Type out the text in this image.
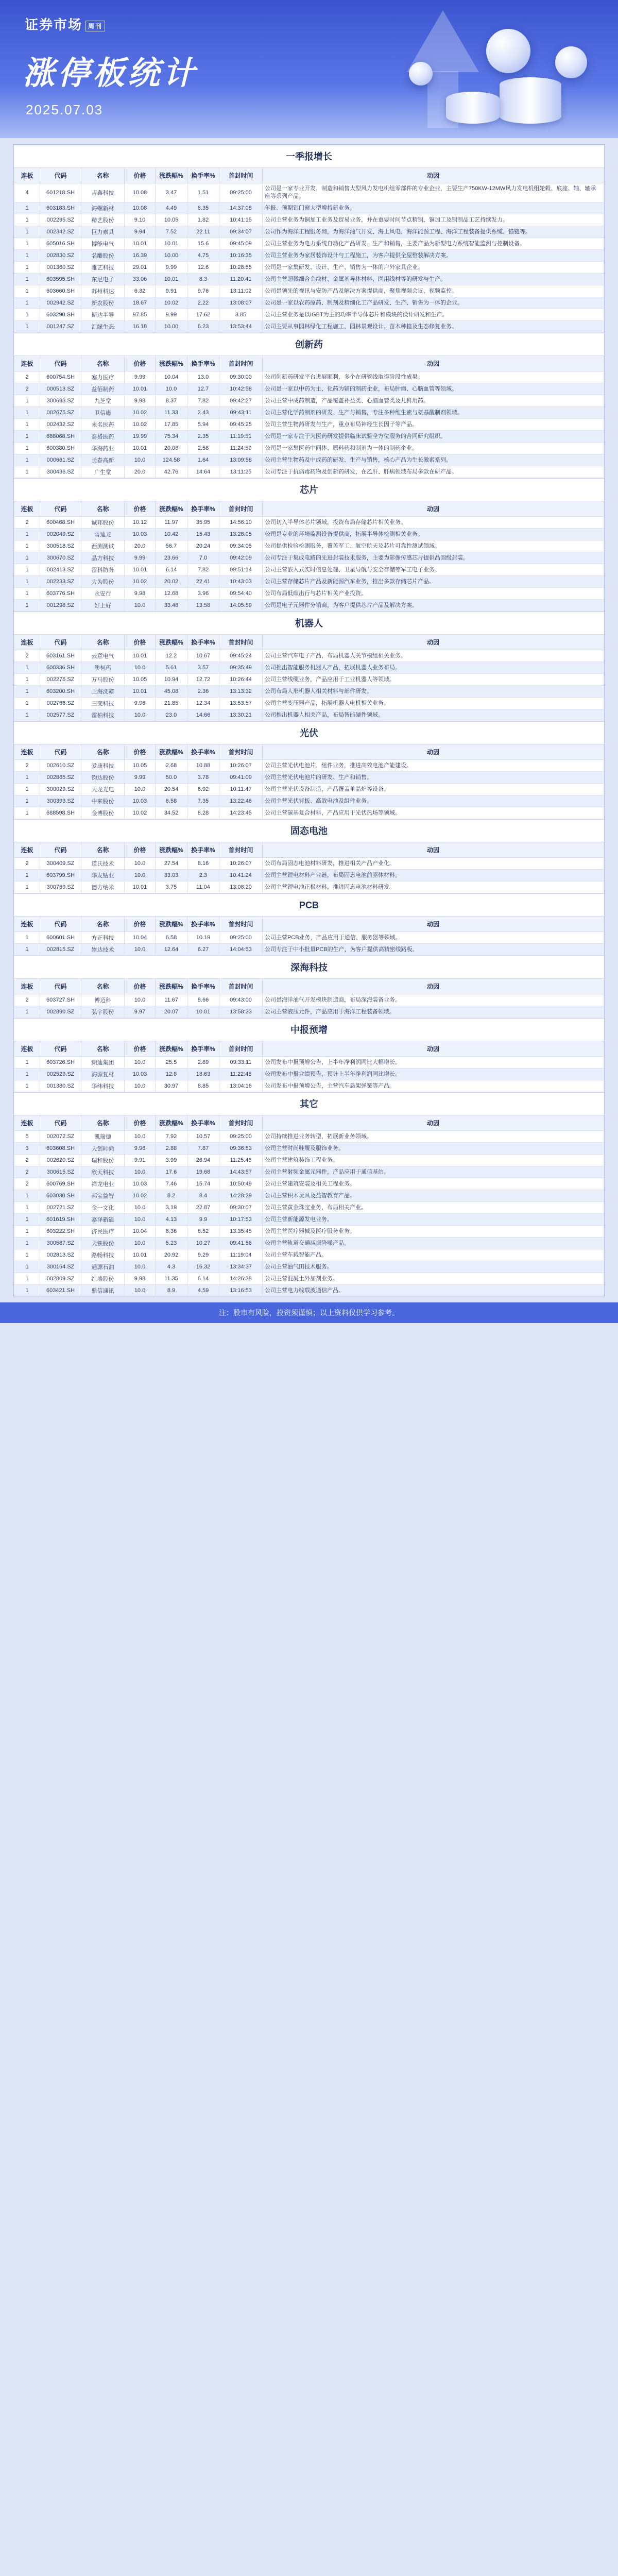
证券市场 周刊
涨停板统计
2025.07.03
一季报增长
连板	代码	名称	价格	涨跌幅%	换手率%	首封时间	动因
4	601218.SH	吉鑫科技	10.08	3.47	1.51	09:25:00	公司是一家专业开发、制造和销售大型风力发电机组零部件的专业企业，主要生产750KW-12MW风力发电机组轮毂、底座、轴、轴承座等系列产品。
1	603183.SH	海螺新材	10.08	4.49	8.35	14:37:08	年报、预期铝门窗大型增持新业务。
1	002295.SZ	精艺股份	9.10	10.05	1.82	10:41:15	公司主营业务为铜加工业务及贸易业务，并在重要时间节点精铜、铜加工及铜制品工艺持续发力。
1	002342.SZ	巨力索具	9.94	7.52	22.11	09:34:07	公司作为海洋工程服务商，为海洋油气开发、海上风电、海洋能源工程、海洋工程装备提供系缆、锚链等。
1	605016.SH	博能电气	10.01	10.01	15.6	09:45:09	公司主营业务为电力系统自动化产品研发、生产和销售，主要产品为新型电力系统智能监测与控制设备。
1	002830.SZ	名雕股份	16.39	10.00	4.75	10:16:35	公司主营业务为家居装饰设计与工程施工，为客户提供全屋整装解决方案。
1	001360.SZ	雅艺科技	29.01	9.99	12.6	10:28:55	公司是一家集研发、设计、生产、销售为一体的户外家具企业。
1	603595.SH	东尼电子	33.06	10.01	8.3	11:20:41	公司主营超微细合金线材、金属基导体材料、医用线材等的研发与生产。
1	603660.SH	苏州科达	6.32	9.91	9.76	13:11:02	公司是领先的视讯与安防产品及解决方案提供商，聚焦视频会议、视频监控。
1	002942.SZ	新农股份	18.67	10.02	2.22	13:08:07	公司是一家以农药原药、制剂及精细化工产品研发、生产、销售为一体的企业。
1	603290.SH	斯达半导	97.85	9.99	17.62	3.85	公司主营业务是以IGBT为主的功率半导体芯片和模块的设计研发和生产。
1	001247.SZ	汇绿生态	16.18	10.00	6.23	13:53:44	公司主要从事园林绿化工程施工、园林景观设计、苗木种植及生态修复业务。
创新药
连板	代码	名称	价格	涨跌幅%	换手率%	首封时间	动因
2	600754.SH	塞力医疗	9.99	10.04	13.0	09:30:00	公司创新药研发平台进展顺利，多个在研管线取得阶段性成果。
2	000513.SZ	益佰制药	10.01	10.0	12.7	10:42:58	公司是一家以中药为主、化药为辅的制药企业，布局肿瘤、心脑血管等领域。
1	300683.SZ	九芝堂	9.98	8.37	7.82	09:42:27	公司主营中成药制造，产品覆盖补益类、心脑血管类及儿科用药。
1	002675.SZ	卫信康	10.02	11.33	2.43	09:43:11	公司主营化学药制剂的研发、生产与销售，专注多种维生素与氨基酸制剂领域。
1	002432.SZ	未名医药	10.02	17.85	5.94	09:45:25	公司主营生物药研发与生产，重点布局神经生长因子等产品。
1	688068.SH	泰格医药	19.99	75.34	2.35	11:19:51	公司是一家专注于为医药研发提供临床试验全方位服务的合同研究组织。
1	600380.SH	华海药业	10.01	20.06	2.58	11:24:59	公司是一家集医药中间体、原料药和制剂为一体的制药企业。
1	000661.SZ	长春高新	10.0	124.58	1.64	13:09:58	公司主营生物药及中成药的研发、生产与销售，核心产品为生长激素系列。
1	300436.SZ	广生堂	20.0	42.76	14.64	13:11:25	公司专注于抗病毒药物及创新药研发，在乙肝、肝病领域布局多款在研产品。
芯片
连板	代码	名称	价格	涨跌幅%	换手率%	首封时间	动因
2	600468.SH	诚邦股份	10.12	11.97	35.95	14:56:10	公司切入半导体芯片领域，投资布局存储芯片相关业务。
1	002049.SZ	雪迪龙	10.03	10.42	15.43	13:28:05	公司是专业的环境监测设备提供商，拓展半导体检测相关业务。
1	300518.SZ	西测测试	20.0	56.7	20.24	09:34:05	公司提供检验检测服务，覆盖军工、航空航天及芯片可靠性测试领域。
1	300670.SZ	晶方科技	9.99	23.66	7.0	09:42:09	公司专注于集成电路的先进封装技术服务，主要为影像传感芯片提供晶圆级封装。
1	002413.SZ	雷科防务	10.01	6.14	7.82	09:51:14	公司主营嵌入式实时信息处理、卫星导航与安全存储等军工电子业务。
1	002233.SZ	大为股份	10.02	20.02	22.41	10:43:03	公司主营存储芯片产品及新能源汽车业务，推出多款存储芯片产品。
1	603776.SH	永安行	9.98	12.68	3.96	09:54:40	公司布局低碳出行与芯片相关产业投资。
1	001298.SZ	好上好	10.0	33.48	13.58	14:05:59	公司是电子元器件分销商，为客户提供芯片产品及解决方案。
机器人
连板	代码	名称	价格	涨跌幅%	换手率%	首封时间	动因
2	603161.SH	云意电气	10.01	12.2	10.67	09:45:24	公司主营汽车电子产品，布局机器人关节模组相关业务。
1	600336.SH	澳柯玛	10.0	5.61	3.57	09:35:49	公司推出智能服务机器人产品，拓展机器人业务布局。
1	002276.SZ	万马股份	10.05	10.94	12.72	10:26:44	公司主营线缆业务，产品应用于工业机器人等领域。
1	603200.SH	上海洗霸	10.01	45.08	2.36	13:13:32	公司布局人形机器人相关材料与部件研发。
1	002766.SZ	三变科技	9.96	21.85	12.34	13:53:57	公司主营变压器产品，拓展机器人电机相关业务。
1	002577.SZ	雷柏科技	10.0	23.0	14.66	13:30:21	公司推出机器人相关产品，布局智能硬件领域。
光伏
连板	代码	名称	价格	涨跌幅%	换手率%	首封时间	动因
2	002610.SZ	爱康科技	10.05	2.68	10.88	10:26:07	公司主营光伏电池片、组件业务，推进高效电池产能建设。
1	002865.SZ	钧达股份	9.99	50.0	3.78	09:41:09	公司主营光伏电池片的研发、生产和销售。
1	300029.SZ	天龙光电	10.0	20.54	6.92	10:11:47	公司主营光伏设备制造，产品覆盖单晶炉等设备。
1	300393.SZ	中来股份	10.03	6.58	7.35	13:22:46	公司主营光伏背板、高效电池及组件业务。
1	688598.SH	金博股份	10.02	34.52	8.28	14:23:45	公司主营碳基复合材料，产品应用于光伏热场等领域。
固态电池
连板	代码	名称	价格	涨跌幅%	换手率%	首封时间	动因
2	300409.SZ	道氏技术	10.0	27.54	8.16	10:26:07	公司布局固态电池材料研发，推进相关产品产业化。
1	603799.SH	华友钴业	10.0	33.03	2.3	10:41:24	公司主营锂电材料产业链，布局固态电池前驱体材料。
1	300769.SZ	德方纳米	10.01	3.75	11.04	13:08:20	公司主营锂电池正极材料，推进固态电池材料研发。
PCB
连板	代码	名称	价格	涨跌幅%	换手率%	首封时间	动因
1	600601.SH	方正科技	10.04	6.58	10.19	09:25:00	公司主营PCB业务，产品应用于通信、服务器等领域。
1	002815.SZ	崇达技术	10.0	12.64	6.27	14:04:53	公司专注于中小批量PCB的生产，为客户提供高精密线路板。
深海科技
连板	代码	名称	价格	涨跌幅%	换手率%	首封时间	动因
2	603727.SH	博迈科	10.0	11.67	8.66	09:43:00	公司是海洋油气开发模块制造商，布局深海装备业务。
1	002890.SZ	弘宇股份	9.97	20.07	10.01	13:58:33	公司主营液压元件，产品应用于海洋工程装备领域。
中报预增
连板	代码	名称	价格	涨跌幅%	换手率%	首封时间	动因
1	603726.SH	朗迪集团	10.0	25.5	2.89	09:33:11	公司发布中报预增公告，上半年净利润同比大幅增长。
1	002529.SZ	海源复材	10.03	12.8	18.63	11:22:48	公司发布中报业绩预告，预计上半年净利润同比增长。
1	001380.SZ	华纬科技	10.0	30.97	8.85	13:04:16	公司发布中报预增公告，主营汽车悬架弹簧等产品。
其它
连板	代码	名称	价格	涨跌幅%	换手率%	首封时间	动因
5	002072.SZ	凯瑞德	10.0	7.92	10.57	09:25:00	公司持续推进业务转型，拓展新业务领域。
3	603608.SH	天创时尚	9.96	2.88	7.87	09:36:53	公司主营时尚鞋履及服饰业务。
2	002620.SZ	瑞和股份	9.91	3.99	26.94	11:25:46	公司主营建筑装饰工程业务。
2	300615.SZ	欣天科技	10.0	17.6	19.68	14:43:57	公司主营射频金属元器件，产品应用于通信基站。
2	600769.SH	祥龙电业	10.03	7.46	15.74	10:50:49	公司主营建筑安装及相关工程业务。
1	603030.SH	邦宝益智	10.02	8.2	8.4	14:28:29	公司主营积木玩具及益智教育产品。
1	002721.SZ	金一文化	10.0	3.19	22.87	09:30:07	公司主营黄金珠宝业务，布局相关产业。
1	601619.SH	嘉泽新能	10.0	4.13	9.9	10:17:53	公司主营新能源发电业务。
1	603222.SH	济民医疗	10.04	6.36	8.52	13:35:45	公司主营医疗器械及医疗服务业务。
1	300587.SZ	天铁股份	10.0	5.23	10.27	09:41:56	公司主营轨道交通减振降噪产品。
1	002813.SZ	路畅科技	10.01	20.92	9.29	11:19:04	公司主营车载智能产品。
1	300164.SZ	通源石油	10.0	4.3	16.32	13:34:37	公司主营油气田技术服务。
1	002809.SZ	红墙股份	9.98	11.35	6.14	14:26:38	公司主营混凝土外加剂业务。
1	603421.SH	鼎信通讯	10.0	8.9	4.59	13:16:53	公司主营电力线载波通信产品。
注：股市有风险，投资须谨慎；以上资料仅供学习参考。
